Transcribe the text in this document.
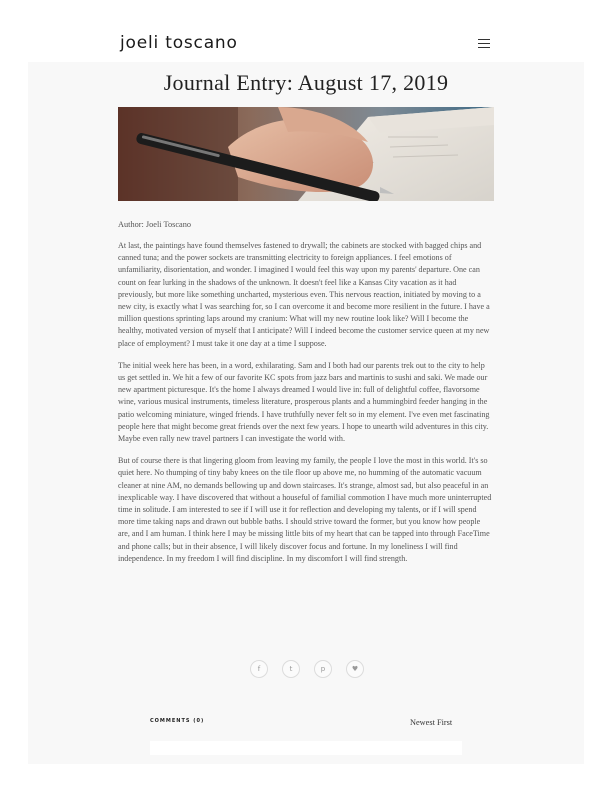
joeli toscano
Journal Entry: August 17, 2019
Author: Joeli Toscano

At last, the paintings have found themselves fastened to drywall; the cabinets are stocked with bagged chips and canned tuna; and the power sockets are transmitting electricity to foreign appliances. I feel emotions of unfamiliarity, disorientation, and wonder. I imagined I would feel this way upon my parents' departure. One can count on fear lurking in the shadows of the unknown. It doesn't feel like a Kansas City vacation as it had previously, but more like something uncharted, mysterious even. This nervous reaction, initiated by moving to a new city, is exactly what I was searching for, so I can overcome it and become more resilient in the future. I have a million questions sprinting laps around my cranium: What will my new routine look like? Will I become the healthy, motivated version of myself that I anticipate? Will I indeed become the customer service queen at my new place of employment? I must take it one day at a time I suppose.

The initial week here has been, in a word, exhilarating. Sam and I both had our parents trek out to the city to help us get settled in. We hit a few of our favorite KC spots from jazz bars and martinis to sushi and saki. We made our new apartment picturesque. It's the home I always dreamed I would live in: full of delightful coffee, flavorsome wine, various musical instruments, timeless literature, prosperous plants and a hummingbird feeder hanging in the patio welcoming miniature, winged friends. I have truthfully never felt so in my element. I've even met fascinating people here that might become great friends over the next few years. I hope to unearth wild adventures in this city. Maybe even rally new travel partners I can investigate the world with.

But of course there is that lingering gloom from leaving my family, the people I love the most in this world. It's so quiet here. No thumping of tiny baby knees on the tile floor up above me, no humming of the automatic vacuum cleaner at nine AM, no demands bellowing up and down staircases. It's strange, almost sad, but also peaceful in an inexplicable way. I have discovered that without a houseful of familial commotion I have much more uninterrupted time in solitude. I am interested to see if I will use it for reflection and developing my talents, or if I will spend more time taking naps and drawn out bubble baths. I should strive toward the former, but you know how people are, and I am human. I think here I may be missing little bits of my heart that can be tapped into through FaceTime and phone calls; but in their absence, I will likely discover focus and fortune. In my loneliness I will find independence. In my freedom I will find discipline. In my discomfort I will find strength.

f	t	p	♥
COMMENTS (0)	Newest First
